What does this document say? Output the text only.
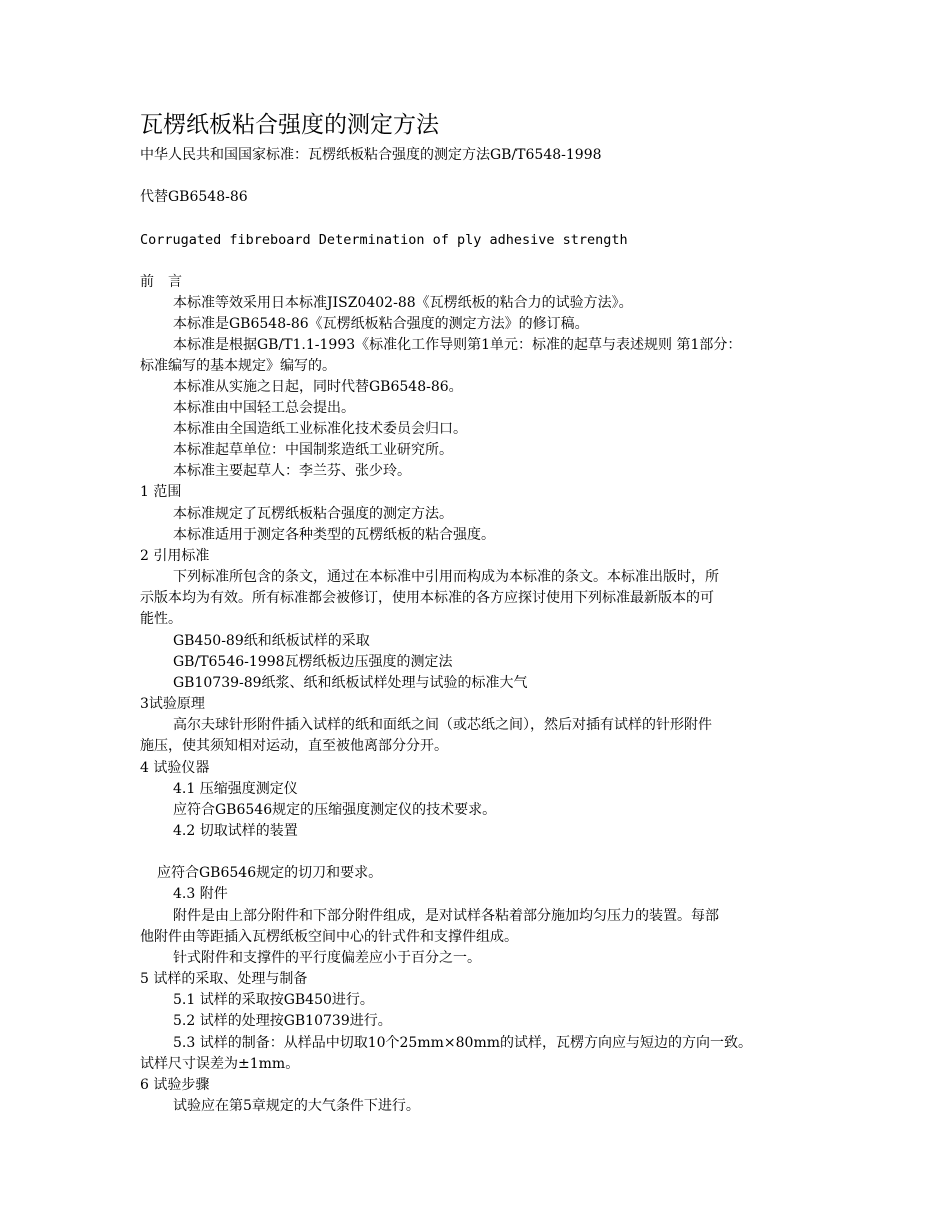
瓦楞纸板粘合强度的测定方法
中华人民共和国国家标准：瓦楞纸板粘合强度的测定方法GB/T6548-1998
代替GB6548-86
Corrugated fibreboard Determination of ply adhesive strength
前　言
本标准等效采用日本标准JISZ0402-88《瓦楞纸板的粘合力的试验方法》。
本标准是GB6548-86《瓦楞纸板粘合强度的测定方法》的修订稿。
本标准是根据GB/T1.1-1993《标准化工作导则第1单元：标准的起草与表述规则 第1部分：
标准编写的基本规定》编写的。
本标准从实施之日起，同时代替GB6548-86。
本标准由中国轻工总会提出。
本标准由全国造纸工业标准化技术委员会归口。
本标准起草单位：中国制浆造纸工业研究所。
本标准主要起草人：李兰芬、张少玲。
1 范围
本标准规定了瓦楞纸板粘合强度的测定方法。
本标准适用于测定各种类型的瓦楞纸板的粘合强度。
2 引用标准
下列标准所包含的条文，通过在本标准中引用而构成为本标准的条文。本标准出版时，所
示版本均为有效。所有标准都会被修订，使用本标准的各方应探讨使用下列标准最新版本的可
能性。
GB450-89纸和纸板试样的采取
GB/T6546-1998瓦楞纸板边压强度的测定法
GB10739-89纸浆、纸和纸板试样处理与试验的标准大气
3试验原理
高尔夫球针形附件插入试样的纸和面纸之间（或芯纸之间），然后对插有试样的针形附件
施压，使其须知相对运动，直至被他离部分分开。
4 试验仪器
4.1 压缩强度测定仪
应符合GB6546规定的压缩强度测定仪的技术要求。
4.2 切取试样的装置
应符合GB6546规定的切刀和要求。
4.3 附件
附件是由上部分附件和下部分附件组成，是对试样各粘着部分施加均匀压力的装置。每部
他附件由等距插入瓦楞纸板空间中心的针式件和支撑件组成。
针式附件和支撑件的平行度偏差应小于百分之一。
5 试样的采取、处理与制备
5.1 试样的采取按GB450进行。
5.2 试样的处理按GB10739进行。
5.3 试样的制备：从样品中切取10个25mm×80mm的试样，瓦楞方向应与短边的方向一致。
试样尺寸误差为±1mm。
6 试验步骤
试验应在第5章规定的大气条件下进行。
